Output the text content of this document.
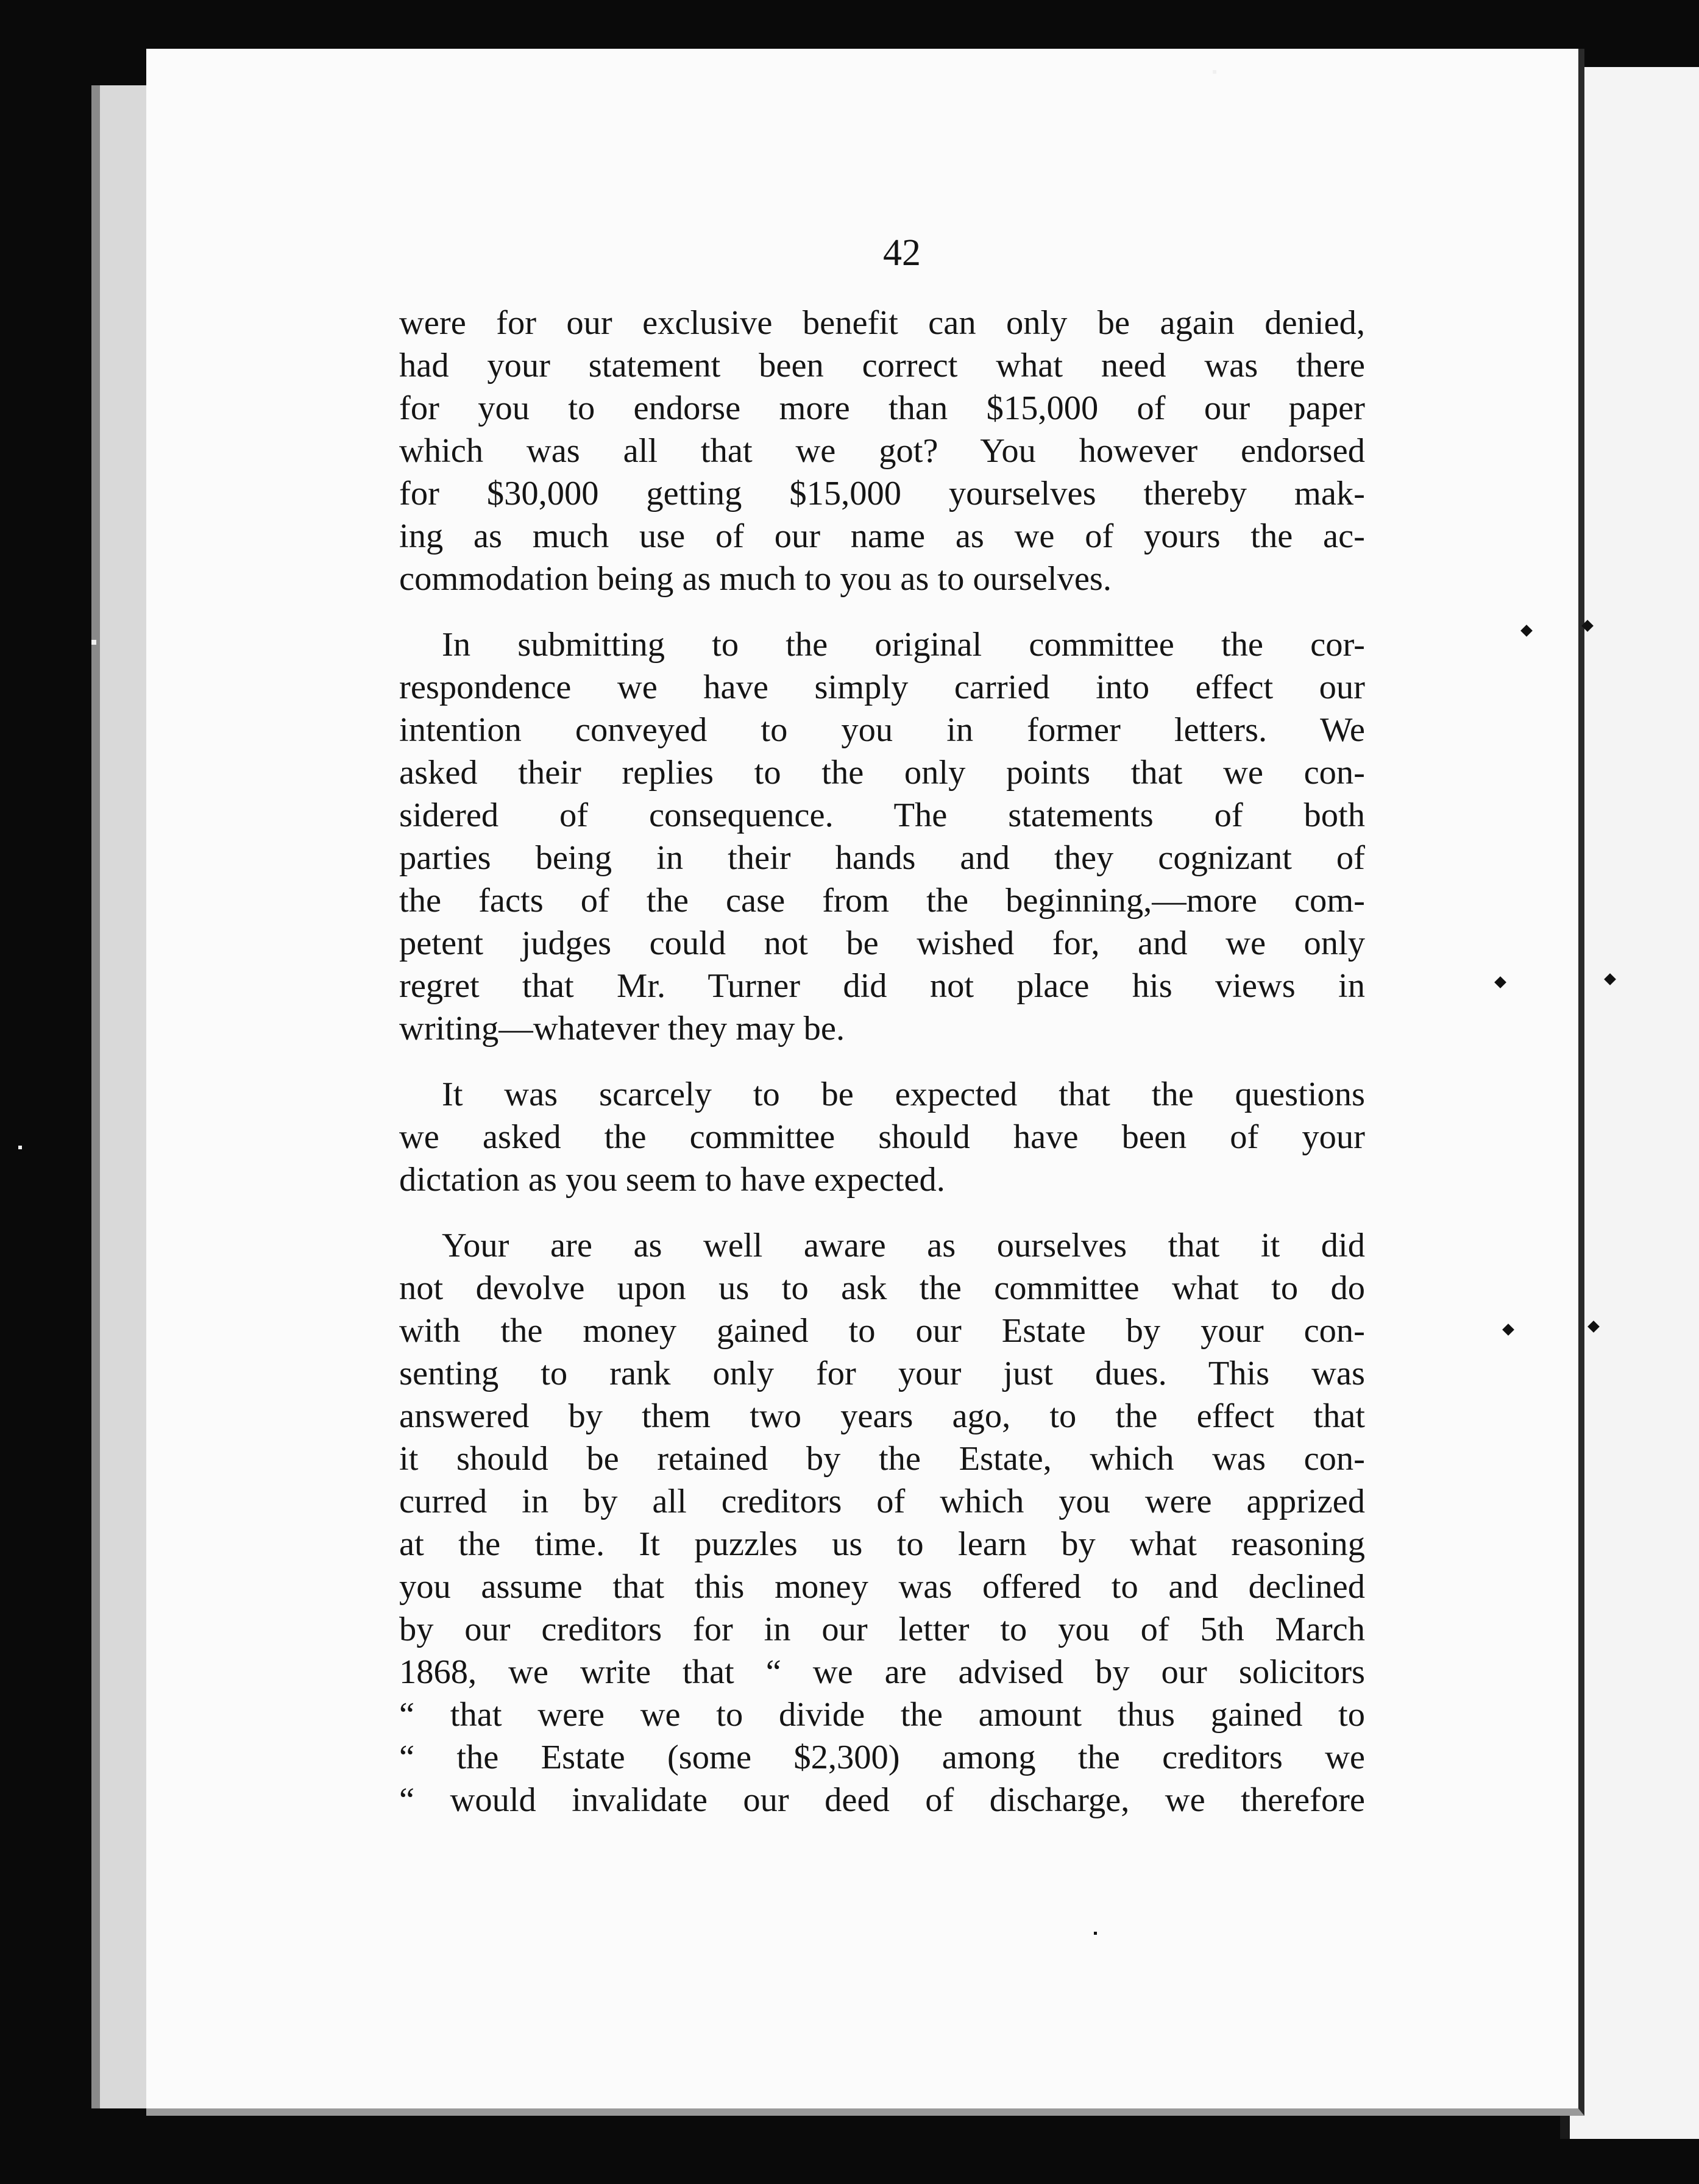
42
were for our exclusive benefit can only be again denied,
had your statement been correct what need was there
for you to endorse more than $15,000 of our paper
which was all that we got? You however endorsed
for $30,000 getting $15,000 yourselves thereby mak-
ing as much use of our name as we of yours the ac-
commodation being as much to you as to ourselves.
In submitting to the original committee the cor-
respondence we have simply carried into effect our
intention conveyed to you in former letters. We
asked their replies to the only points that we con-
sidered of consequence. The statements of both
parties being in their hands and they cognizant of
the facts of the case from the beginning,—more com-
petent judges could not be wished for, and we only
regret that Mr. Turner did not place his views in
writing—whatever they may be.
It was scarcely to be expected that the questions
we asked the committee should have been of your
dictation as you seem to have expected.
Your are as well aware as ourselves that it did
not devolve upon us to ask the committee what to do
with the money gained to our Estate by your con-
senting to rank only for your just dues. This was
answered by them two years ago, to the effect that
it should be retained by the Estate, which was con-
curred in by all creditors of which you were apprized
at the time. It puzzles us to learn by what reasoning
you assume that this money was offered to and declined
by our creditors for in our letter to you of 5th March
1868, we write that “ we are advised by our solicitors
“ that were we to divide the amount thus gained to
“ the Estate (some $2,300) among the creditors we
“ would invalidate our deed of discharge, we therefore
